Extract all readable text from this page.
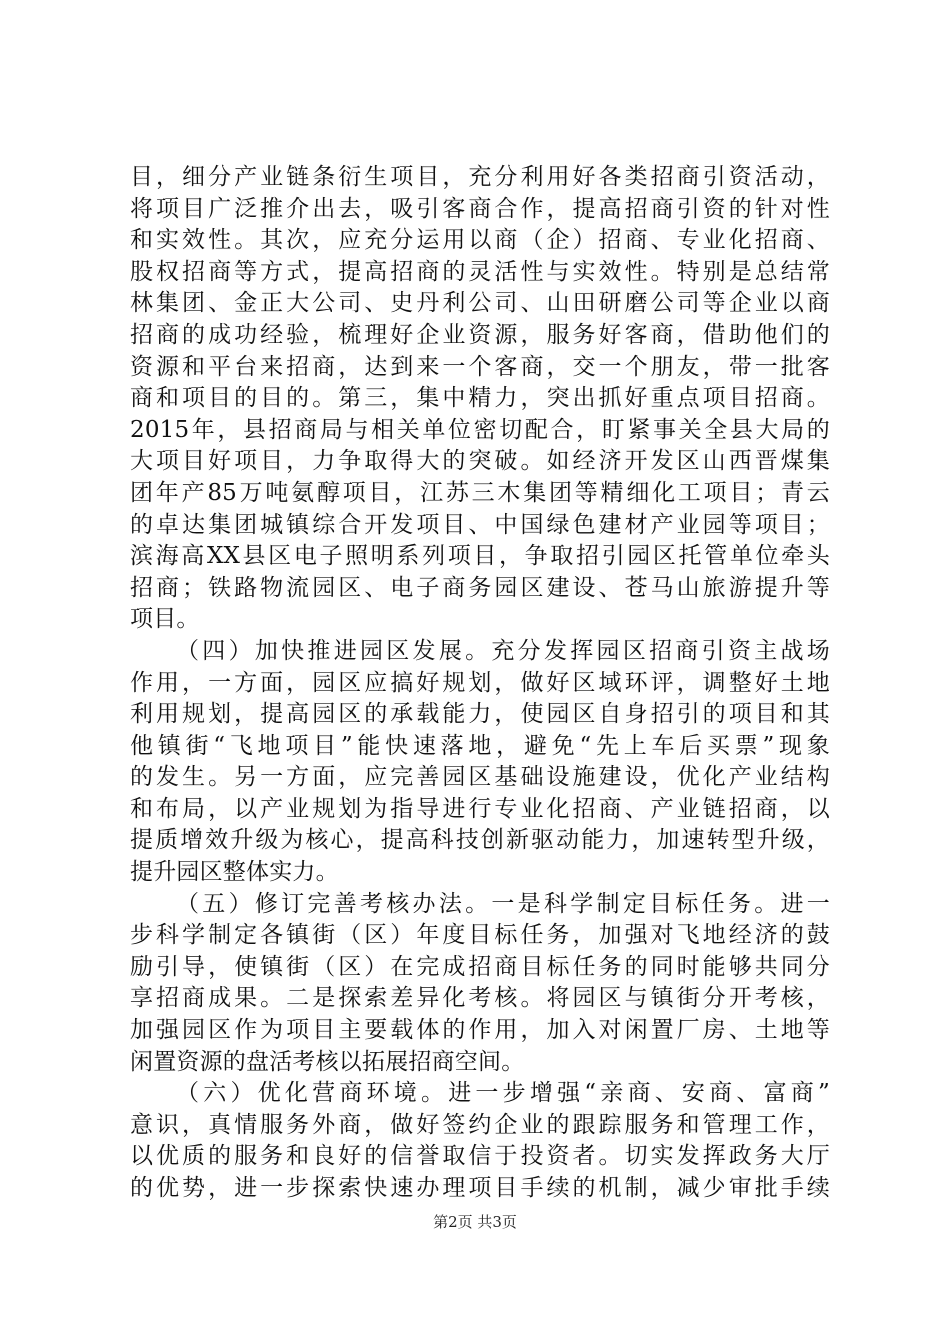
目，细分产业链条衍生项目，充分利用好各类招商引资活动，
将项目广泛推介出去，吸引客商合作，提高招商引资的针对性
和实效性。其次，应充分运用以商（企）招商、专业化招商、
股权招商等方式，提高招商的灵活性与实效性。特别是总结常
林集团、金正大公司、史丹利公司、山田研磨公司等企业以商
招商的成功经验，梳理好企业资源，服务好客商，借助他们的
资源和平台来招商，达到来一个客商，交一个朋友，带一批客
商和项目的目的。第三，集中精力，突出抓好重点项目招商。
2015年，县招商局与相关单位密切配合，盯紧事关全县大局的
大项目好项目，力争取得大的突破。如经济开发区山西晋煤集
团年产85万吨氨醇项目，江苏三木集团等精细化工项目；青云
的卓达集团城镇综合开发项目、中国绿色建材产业园等项目；
滨海高XX县区电子照明系列项目，争取招引园区托管单位牵头
招商；铁路物流园区、电子商务园区建设、苍马山旅游提升等
项目。
（四）加快推进园区发展。充分发挥园区招商引资主战场
作用，一方面，园区应搞好规划，做好区域环评，调整好土地
利用规划，提高园区的承载能力，使园区自身招引的项目和其
他镇街“飞地项目”能快速落地，避免“先上车后买票”现象
的发生。另一方面，应完善园区基础设施建设，优化产业结构
和布局，以产业规划为指导进行专业化招商、产业链招商，以
提质增效升级为核心，提高科技创新驱动能力，加速转型升级，
提升园区整体实力。
（五）修订完善考核办法。一是科学制定目标任务。进一
步科学制定各镇街（区）年度目标任务，加强对飞地经济的鼓
励引导，使镇街（区）在完成招商目标任务的同时能够共同分
享招商成果。二是探索差异化考核。将园区与镇街分开考核，
加强园区作为项目主要载体的作用，加入对闲置厂房、土地等
闲置资源的盘活考核以拓展招商空间。
（六）优化营商环境。进一步增强“亲商、安商、富商”
意识，真情服务外商，做好签约企业的跟踪服务和管理工作，
以优质的服务和良好的信誉取信于投资者。切实发挥政务大厅
的优势，进一步探索快速办理项目手续的机制，减少审批手续
第2页 共3页
